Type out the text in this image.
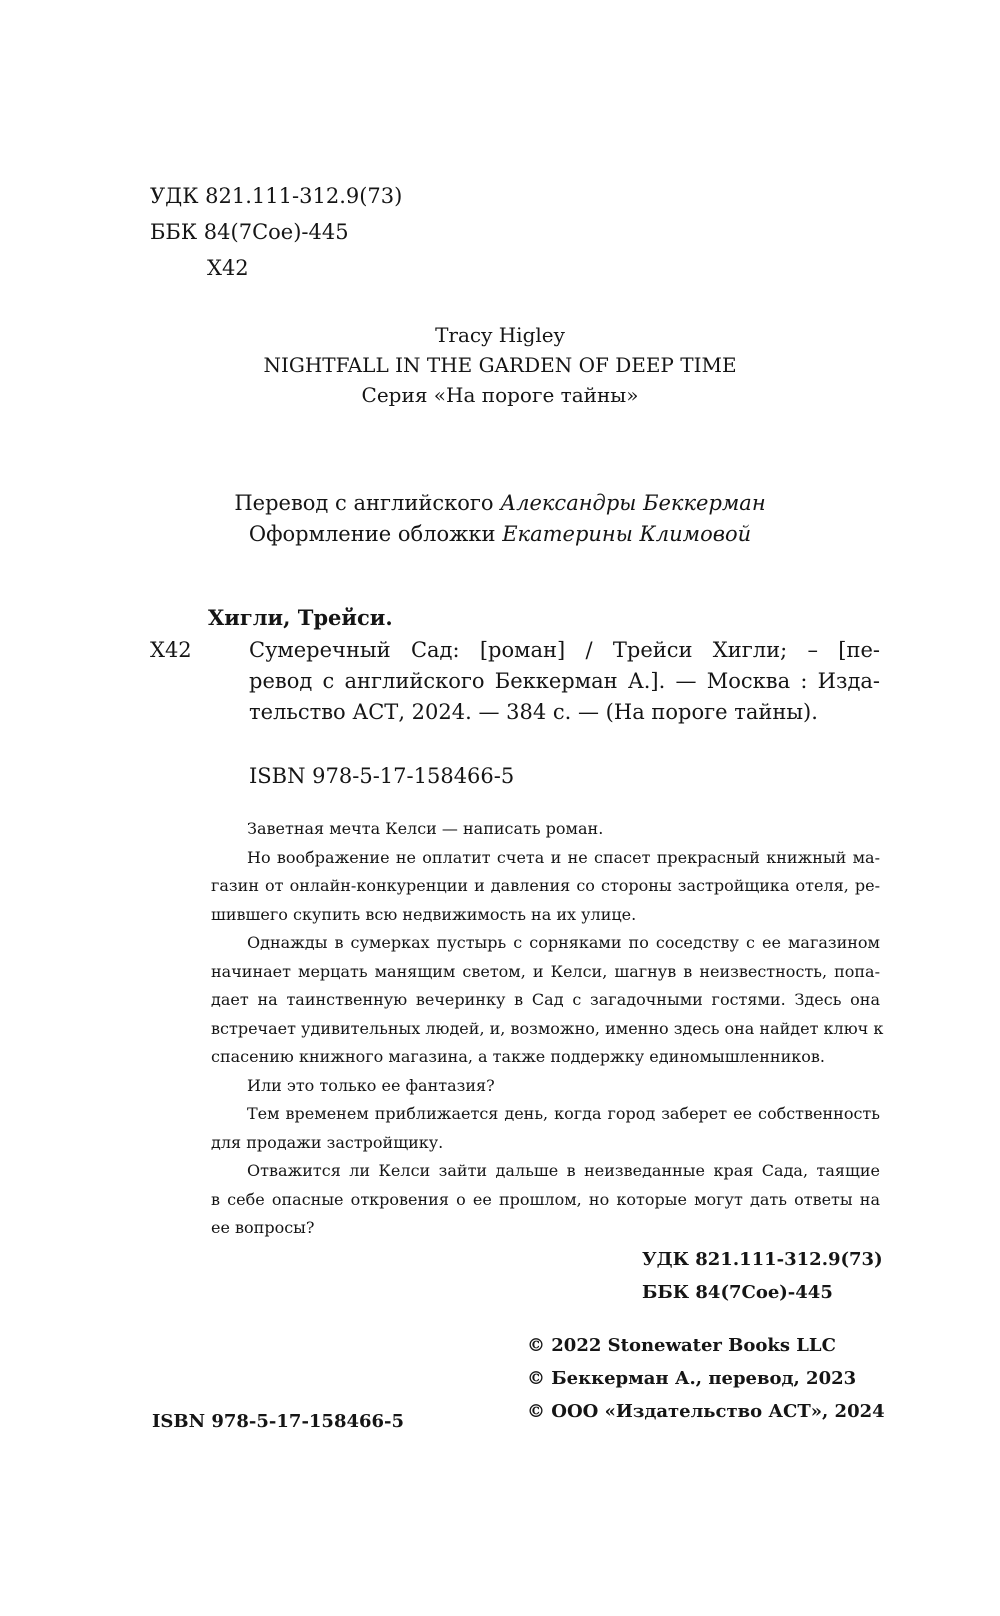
УДК 821.111-312.9(73)
ББК 84(7Сое)-445
Х42
Tracy Higley
NIGHTFALL IN THE GARDEN OF DEEP TIME
Серия «На пороге тайны»
Перевод с английского Александры Беккерман
Оформление обложки Екатерины Климовой
Хигли, Трейси.
Х42	Сумеречный Сад: [роман] / Трейси Хигли; – [пе-
ревод с английского Беккерман А.]. — Москва : Изда-
тельство АСТ, 2024. — 384 с. — (На пороге тайны).
ISBN 978-5-17-158466-5
Заветная мечта Келси — написать роман.
Но воображение не оплатит счета и не спасет прекрасный книжный ма-
газин от онлайн-конкуренции и давления со стороны застройщика отеля, ре-
шившего скупить всю недвижимость на их улице.
Однажды в сумерках пустырь с сорняками по соседству с ее магазином
начинает мерцать манящим светом, и Келси, шагнув в неизвестность, попа-
дает на таинственную вечеринку в Сад с загадочными гостями. Здесь она
встречает удивительных людей, и, возможно, именно здесь она найдет ключ к
спасению книжного магазина, а также поддержку единомышленников.
Или это только ее фантазия?
Тем временем приближается день, когда город заберет ее собственность
для продажи застройщику.
Отважится ли Келси зайти дальше в неизведанные края Сада, таящие
в себе опасные откровения о ее прошлом, но которые могут дать ответы на
ее вопросы?
УДК 821.111-312.9(73)
ББК 84(7Сое)-445
© 2022 Stonewater Books LLC
© Беккерман А., перевод, 2023
© ООО «Издательство АСТ», 2024
ISBN 978-5-17-158466-5
